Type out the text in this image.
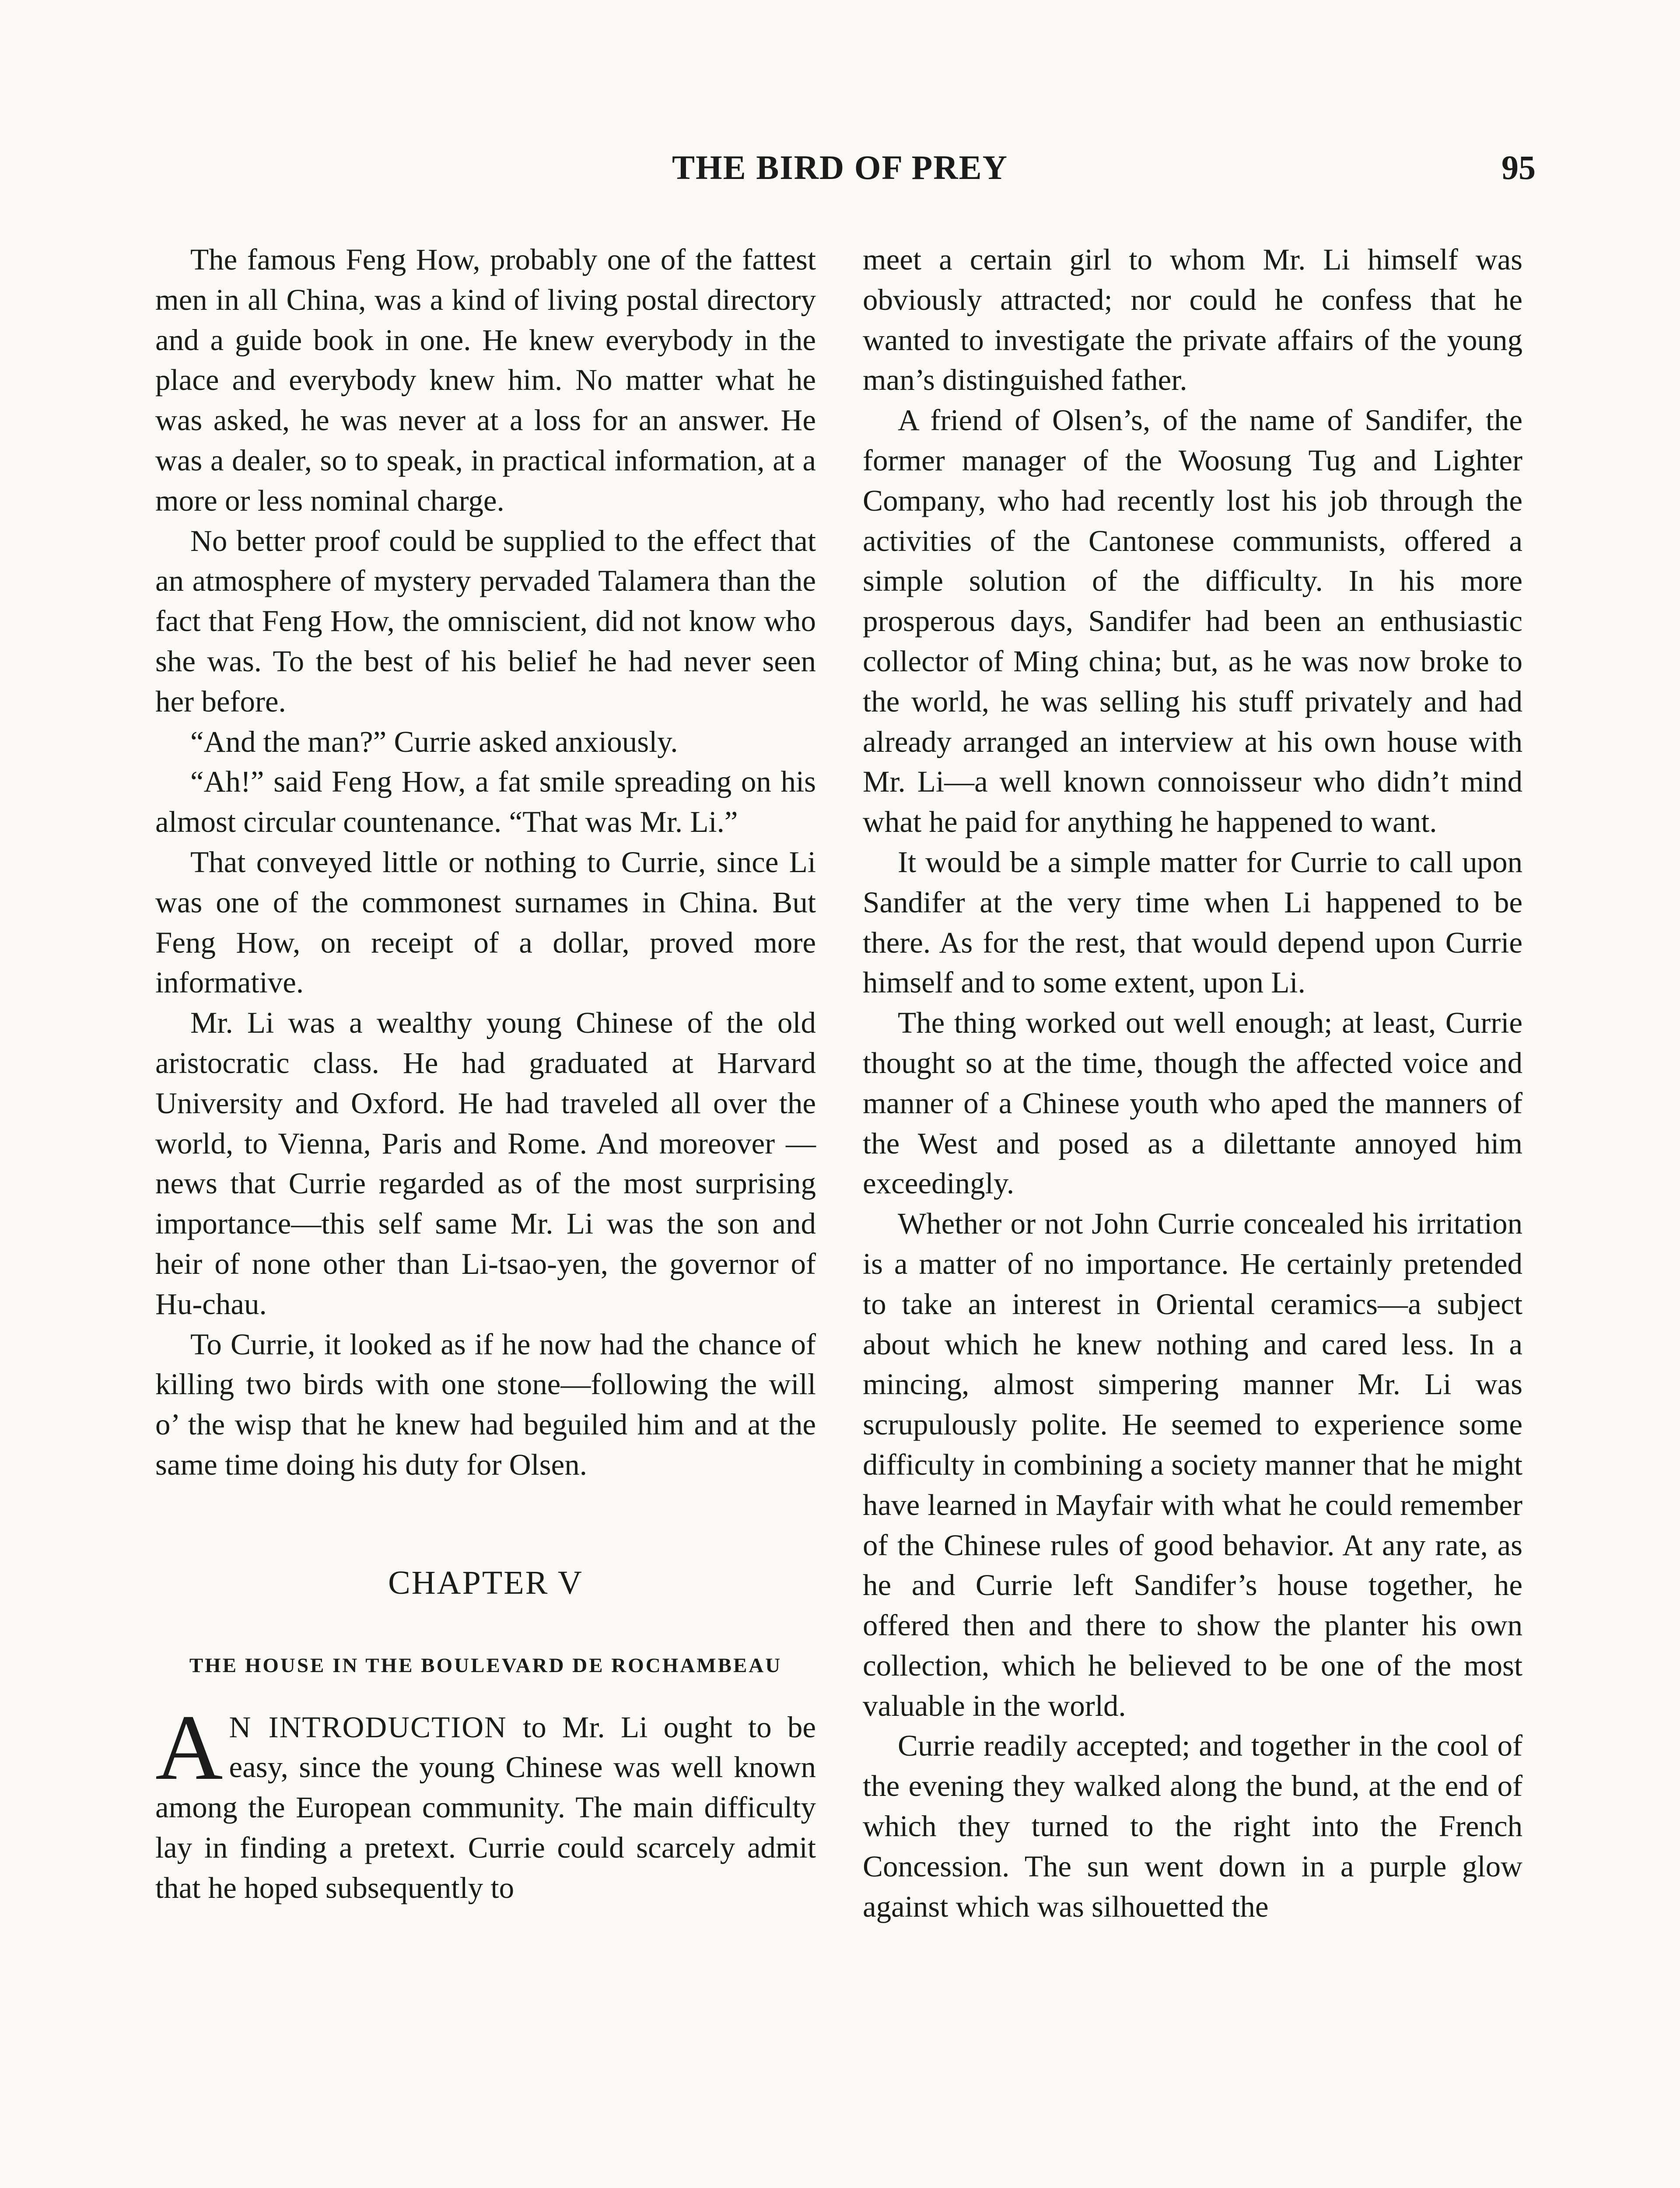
THE BIRD OF PREY	95

The famous Feng How, probably one of the fattest men in all China, was a kind of living postal directory and a guide book in one. He knew everybody in the place and everybody knew him. No matter what he was asked, he was never at a loss for an answer. He was a dealer, so to speak, in practical information, at a more or less nominal charge.

No better proof could be supplied to the effect that an atmosphere of mystery pervaded Talamera than the fact that Feng How, the omniscient, did not know who she was. To the best of his belief he had never seen her before.

“And the man?” Currie asked anxiously.

“Ah!” said Feng How, a fat smile spreading on his almost circular countenance. “That was Mr. Li.”

That conveyed little or nothing to Currie, since Li was one of the commonest surnames in China. But Feng How, on receipt of a dollar, proved more informative.

Mr. Li was a wealthy young Chinese of the old aristocratic class. He had graduated at Harvard University and Oxford. He had traveled all over the world, to Vienna, Paris and Rome. And moreover —news that Currie regarded as of the most surprising importance—this self same Mr. Li was the son and heir of none other than Li-tsao-yen, the governor of Hu-chau.

To Currie, it looked as if he now had the chance of killing two birds with one stone—following the will o’ the wisp that he knew had beguiled him and at the same time doing his duty for Olsen.

CHAPTER V
THE HOUSE IN THE BOULEVARD DE ROCHAMBEAU

A N INTRODUCTION to Mr. Li ought to be easy, since the young Chinese was well known among the European community. The main difficulty lay in finding a pretext. Currie could scarcely admit that he hoped subsequently to

meet a certain girl to whom Mr. Li himself was obviously attracted; nor could he confess that he wanted to investigate the private affairs of the young man’s distinguished father.

A friend of Olsen’s, of the name of Sandifer, the former manager of the Woosung Tug and Lighter Company, who had recently lost his job through the activities of the Cantonese communists, offered a simple solution of the difficulty. In his more prosperous days, Sandifer had been an enthusiastic collector of Ming china; but, as he was now broke to the world, he was selling his stuff privately and had already arranged an interview at his own house with Mr. Li—a well known connoisseur who didn’t mind what he paid for anything he happened to want.

It would be a simple matter for Currie to call upon Sandifer at the very time when Li happened to be there. As for the rest, that would depend upon Currie himself and to some extent, upon Li.

The thing worked out well enough; at least, Currie thought so at the time, though the affected voice and manner of a Chinese youth who aped the manners of the West and posed as a dilettante annoyed him exceedingly.

Whether or not John Currie concealed his irritation is a matter of no importance. He certainly pretended to take an interest in Oriental ceramics—a subject about which he knew nothing and cared less. In a mincing, almost simpering manner Mr. Li was scrupulously polite. He seemed to experience some difficulty in combining a society manner that he might have learned in Mayfair with what he could remember of the Chinese rules of good behavior. At any rate, as he and Currie left Sandifer’s house together, he offered then and there to show the planter his own collection, which he believed to be one of the most valuable in the world.

Currie readily accepted; and together in the cool of the evening they walked along the bund, at the end of which they turned to the right into the French Concession. The sun went down in a purple glow against which was silhouetted the
